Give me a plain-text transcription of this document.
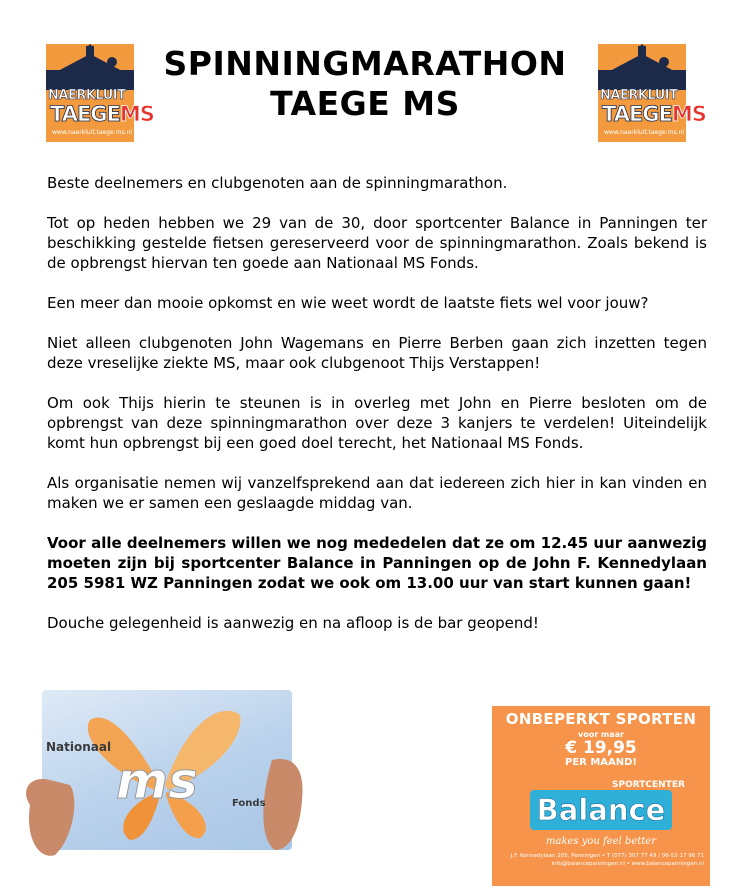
NAERKLUIT
TAEGEMS
www.naerkluit.taege.ms.nl
SPINNINGMARATHON
TAEGE MS	NAERKLUIT
TAEGEMS
www.naerkluit.taege.ms.nl

Beste deelnemers en clubgenoten aan de spinningmarathon.

Tot op heden hebben we 29 van de 30, door sportcenter Balance in Panningen ter beschikking gestelde fietsen gereserveerd voor de spinningmarathon. Zoals bekend is de opbrengst hiervan ten goede aan Nationaal MS Fonds.

Een meer dan mooie opkomst en wie weet wordt de laatste fiets wel voor jouw?

Niet alleen clubgenoten John Wagemans en Pierre Berben gaan zich inzetten tegen deze vreselijke ziekte MS, maar ook clubgenoot Thijs Verstappen!

Om ook Thijs hierin te steunen is in overleg met John en Pierre besloten om de opbrengst van deze spinningmarathon over deze 3 kanjers te verdelen! Uiteindelijk komt hun opbrengst bij een goed doel terecht, het Nationaal MS Fonds.

Als organisatie nemen wij vanzelfsprekend aan dat iedereen zich hier in kan vinden en maken we er samen een geslaagde middag van.

Voor alle deelnemers willen we nog mededelen dat ze om 12.45 uur aanwezig moeten zijn bij sportcenter Balance in Panningen op de John F. Kennedylaan 205 5981 WZ Panningen zodat we ook om 13.00 uur van start kunnen gaan!

Douche gelegenheid is aanwezig en na afloop is de bar geopend!

Nationaal
ms	Fonds
ONBEPERKT SPORTEN
voor maar
€ 19,95
PER MAAND!
SPORTCENTER
Balance
makes you feel better
J.F. Kennedylaan 205, Panningen • T (077) 307 77 49 / 06-53 17 96 71
info@balancepanningen.nl • www.balancepanningen.nl
